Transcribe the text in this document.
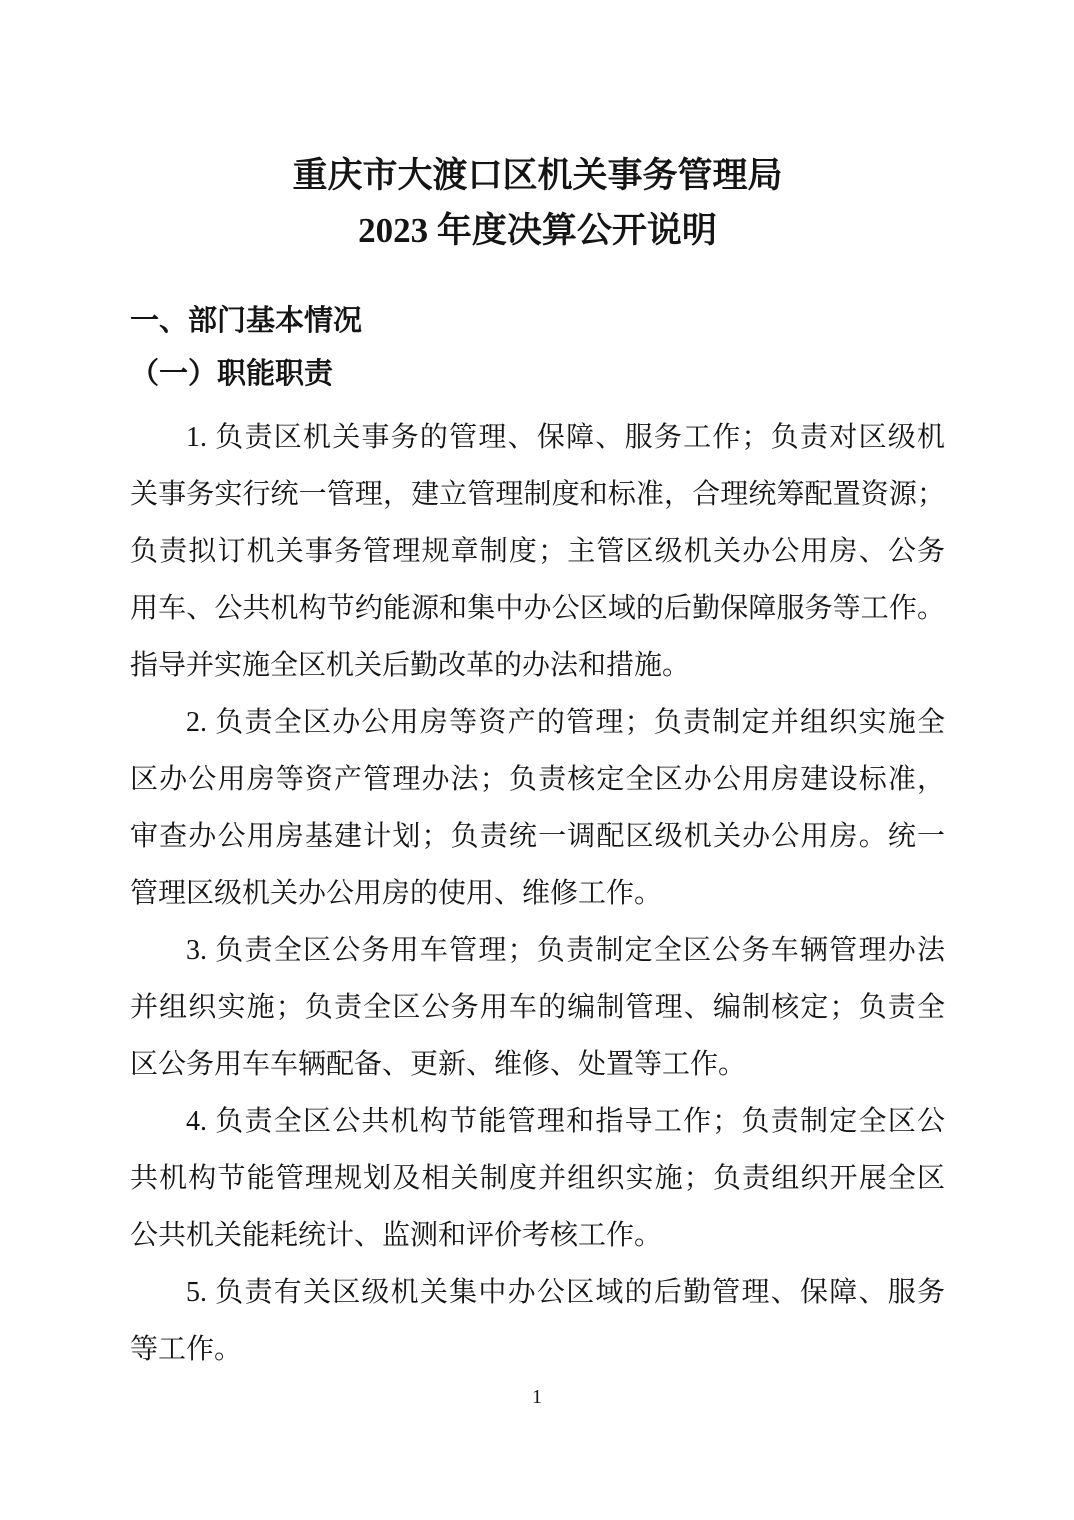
重庆市大渡口区机关事务管理局
2023 年度决算公开说明
一、部门基本情况
（一）职能职责
1. 负责区机关事务的管理、保障、服务工作；负责对区级机
关事务实行统一管理，建立管理制度和标准，合理统筹配置资源；
负责拟订机关事务管理规章制度；主管区级机关办公用房、公务
用车、公共机构节约能源和集中办公区域的后勤保障服务等工作。
指导并实施全区机关后勤改革的办法和措施。
2. 负责全区办公用房等资产的管理；负责制定并组织实施全
区办公用房等资产管理办法；负责核定全区办公用房建设标准，
审查办公用房基建计划；负责统一调配区级机关办公用房。统一
管理区级机关办公用房的使用、维修工作。
3. 负责全区公务用车管理；负责制定全区公务车辆管理办法
并组织实施；负责全区公务用车的编制管理、编制核定；负责全
区公务用车车辆配备、更新、维修、处置等工作。
4. 负责全区公共机构节能管理和指导工作；负责制定全区公
共机构节能管理规划及相关制度并组织实施；负责组织开展全区
公共机关能耗统计、监测和评价考核工作。
5. 负责有关区级机关集中办公区域的后勤管理、保障、服务
等工作。
1
